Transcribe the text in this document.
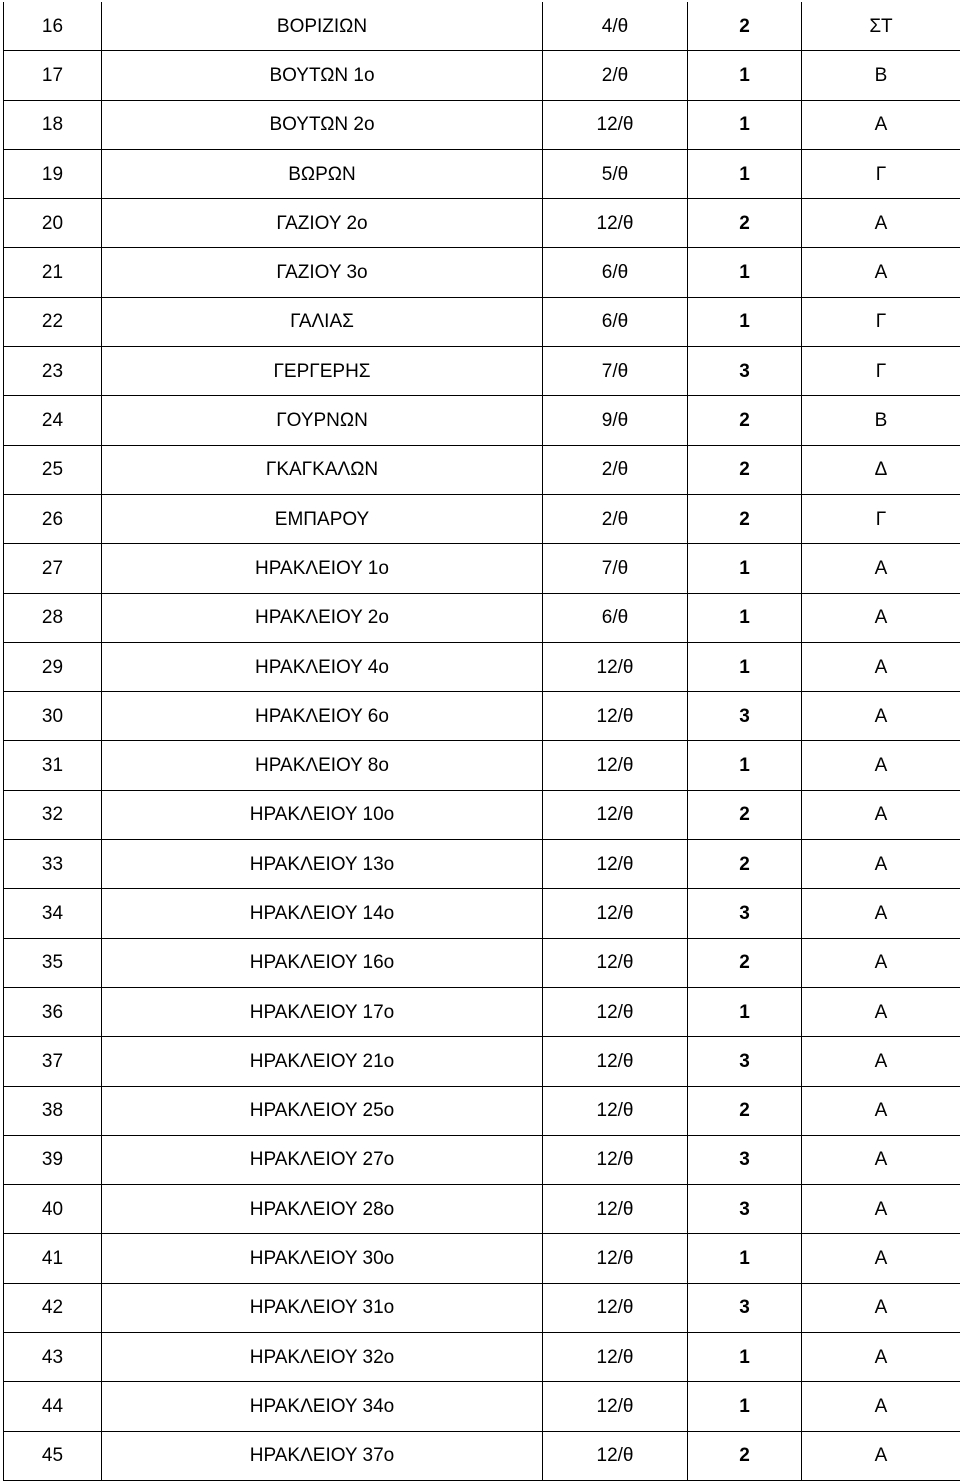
16	ΒΟΡΙΖΙΩΝ	4/θ	2	ΣΤ
17	ΒΟΥΤΩΝ 1ο	2/θ	1	Β
18	ΒΟΥΤΩΝ 2ο	12/θ	1	Α
19	ΒΩΡΩΝ	5/θ	1	Γ
20	ΓΑΖΙΟΥ 2ο	12/θ	2	Α
21	ΓΑΖΙΟΥ 3ο	6/θ	1	Α
22	ΓΑΛΙΑΣ	6/θ	1	Γ
23	ΓΕΡΓΕΡΗΣ	7/θ	3	Γ
24	ΓΟΥΡΝΩΝ	9/θ	2	Β
25	ΓΚΑΓΚΑΛΩΝ	2/θ	2	Δ
26	ΕΜΠΑΡΟΥ	2/θ	2	Γ
27	ΗΡΑΚΛΕΙΟΥ 1ο	7/θ	1	Α
28	ΗΡΑΚΛΕΙΟΥ 2ο	6/θ	1	Α
29	ΗΡΑΚΛΕΙΟΥ 4ο	12/θ	1	Α
30	ΗΡΑΚΛΕΙΟΥ 6ο	12/θ	3	Α
31	ΗΡΑΚΛΕΙΟΥ 8ο	12/θ	1	Α
32	ΗΡΑΚΛΕΙΟΥ 10ο	12/θ	2	Α
33	ΗΡΑΚΛΕΙΟΥ 13ο	12/θ	2	Α
34	ΗΡΑΚΛΕΙΟΥ 14ο	12/θ	3	Α
35	ΗΡΑΚΛΕΙΟΥ 16ο	12/θ	2	Α
36	ΗΡΑΚΛΕΙΟΥ 17ο	12/θ	1	Α
37	ΗΡΑΚΛΕΙΟΥ 21ο	12/θ	3	Α
38	ΗΡΑΚΛΕΙΟΥ 25ο	12/θ	2	Α
39	ΗΡΑΚΛΕΙΟΥ 27ο	12/θ	3	Α
40	ΗΡΑΚΛΕΙΟΥ 28ο	12/θ	3	Α
41	ΗΡΑΚΛΕΙΟΥ 30ο	12/θ	1	Α
42	ΗΡΑΚΛΕΙΟΥ 31ο	12/θ	3	Α
43	ΗΡΑΚΛΕΙΟΥ 32ο	12/θ	1	Α
44	ΗΡΑΚΛΕΙΟΥ 34ο	12/θ	1	Α
45	ΗΡΑΚΛΕΙΟΥ 37ο	12/θ	2	Α
